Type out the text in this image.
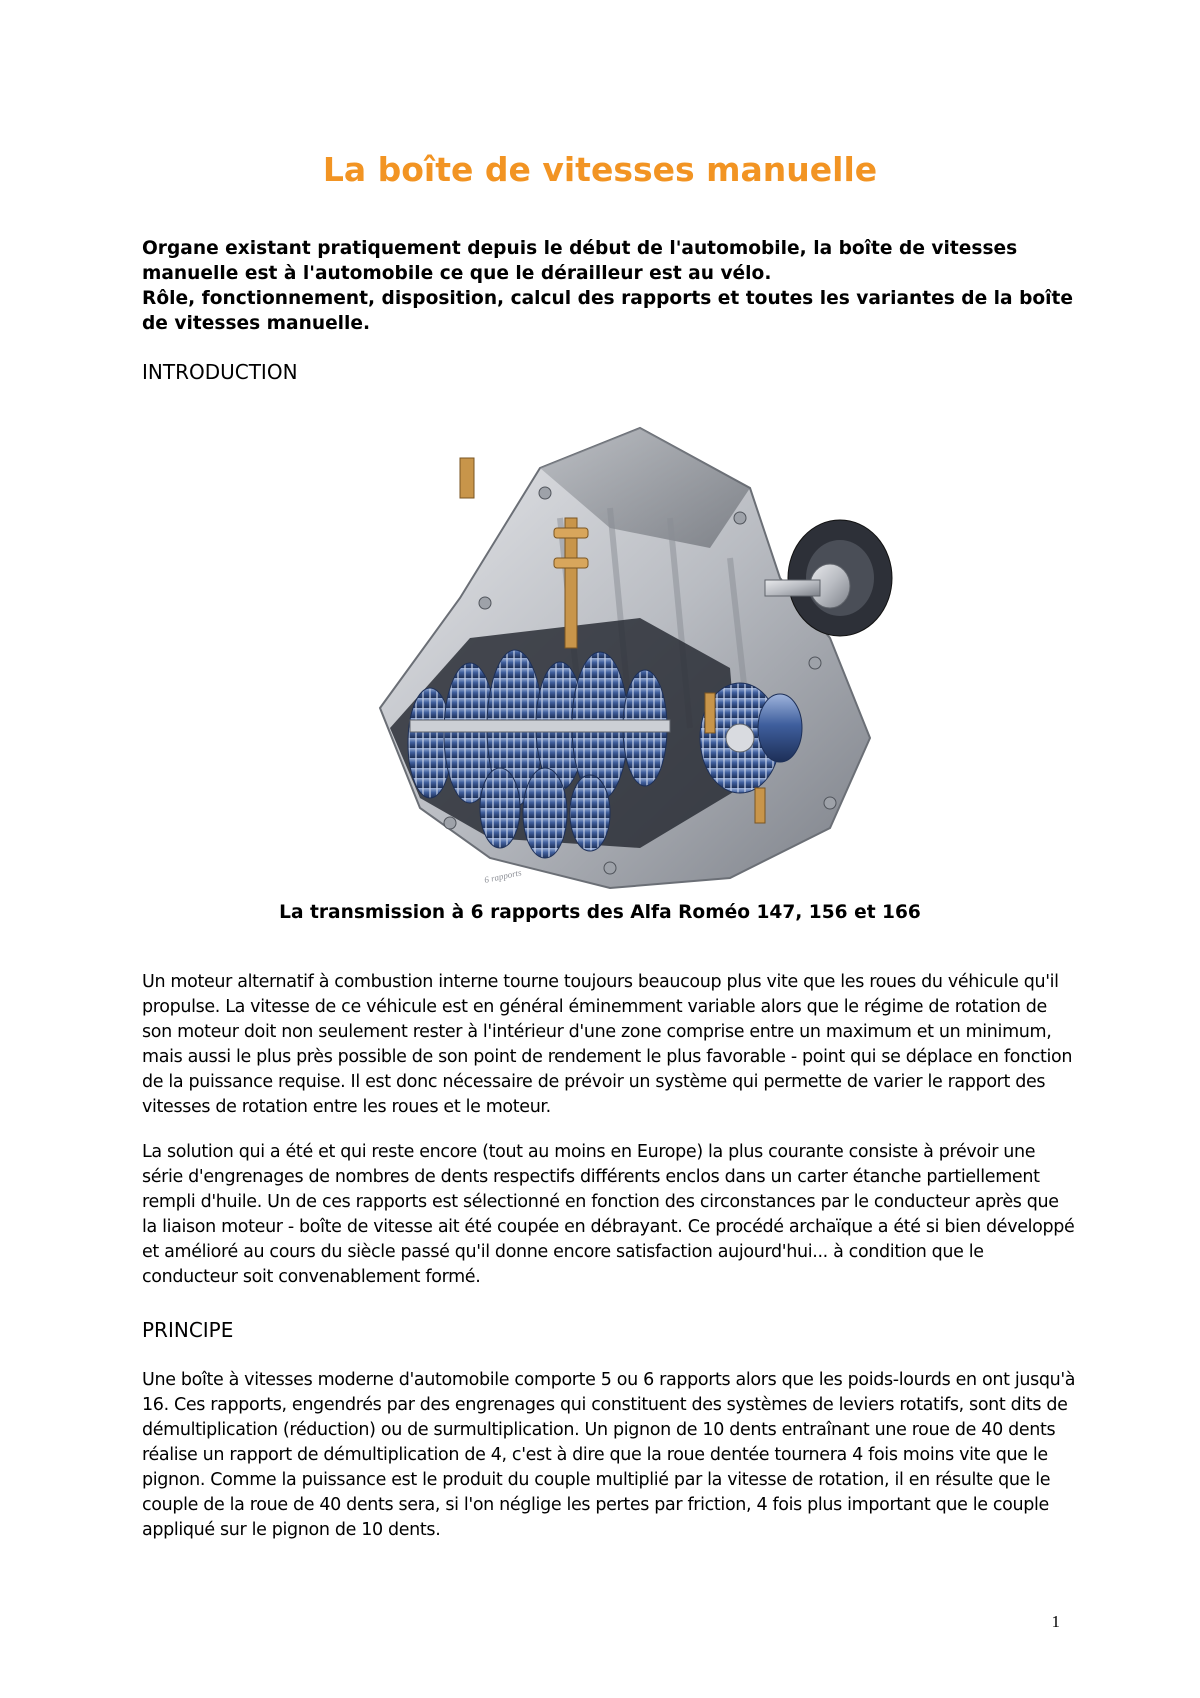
La boîte de vitesses manuelle

Organe existant pratiquement depuis le début de l'automobile, la boîte de vitesses manuelle est à l'automobile ce que le dérailleur est au vélo.
Rôle, fonctionnement, disposition, calcul des rapports et toutes les variantes de la boîte de vitesses manuelle.

INTRODUCTION
6 rapports

La transmission à 6 rapports des Alfa Roméo 147, 156 et 166

Un moteur alternatif à combustion interne tourne toujours beaucoup plus vite que les roues du véhicule qu'il propulse. La vitesse de ce véhicule est en général éminemment variable alors que le régime de rotation de son moteur doit non seulement rester à l'intérieur d'une zone comprise entre un maximum et un minimum, mais aussi le plus près possible de son point de rendement le plus favorable - point qui se déplace en fonction de la puissance requise. Il est donc nécessaire de prévoir un système qui permette de varier le rapport des vitesses de rotation entre les roues et le moteur.

La solution qui a été et qui reste encore (tout au moins en Europe) la plus courante consiste à prévoir une série d'engrenages de nombres de dents respectifs différents enclos dans un carter étanche partiellement rempli d'huile. Un de ces rapports est sélectionné en fonction des circonstances par le conducteur après que la liaison moteur - boîte de vitesse ait été coupée en débrayant. Ce procédé archaïque a été si bien développé et amélioré au cours du siècle passé qu'il donne encore satisfaction aujourd'hui... à condition que le conducteur soit convenablement formé.

PRINCIPE

Une boîte à vitesses moderne d'automobile comporte 5 ou 6 rapports alors que les poids-lourds en ont jusqu'à 16. Ces rapports, engendrés par des engrenages qui constituent des systèmes de leviers rotatifs, sont dits de démultiplication (réduction) ou de surmultiplication. Un pignon de 10 dents entraînant une roue de 40 dents réalise un rapport de démultiplication de 4, c'est à dire que la roue dentée tournera 4 fois moins vite que le pignon. Comme la puissance est le produit du couple multiplié par la vitesse de rotation, il en résulte que le couple de la roue de 40 dents sera, si l'on néglige les pertes par friction, 4 fois plus important que le couple appliqué sur le pignon de 10 dents.

1
